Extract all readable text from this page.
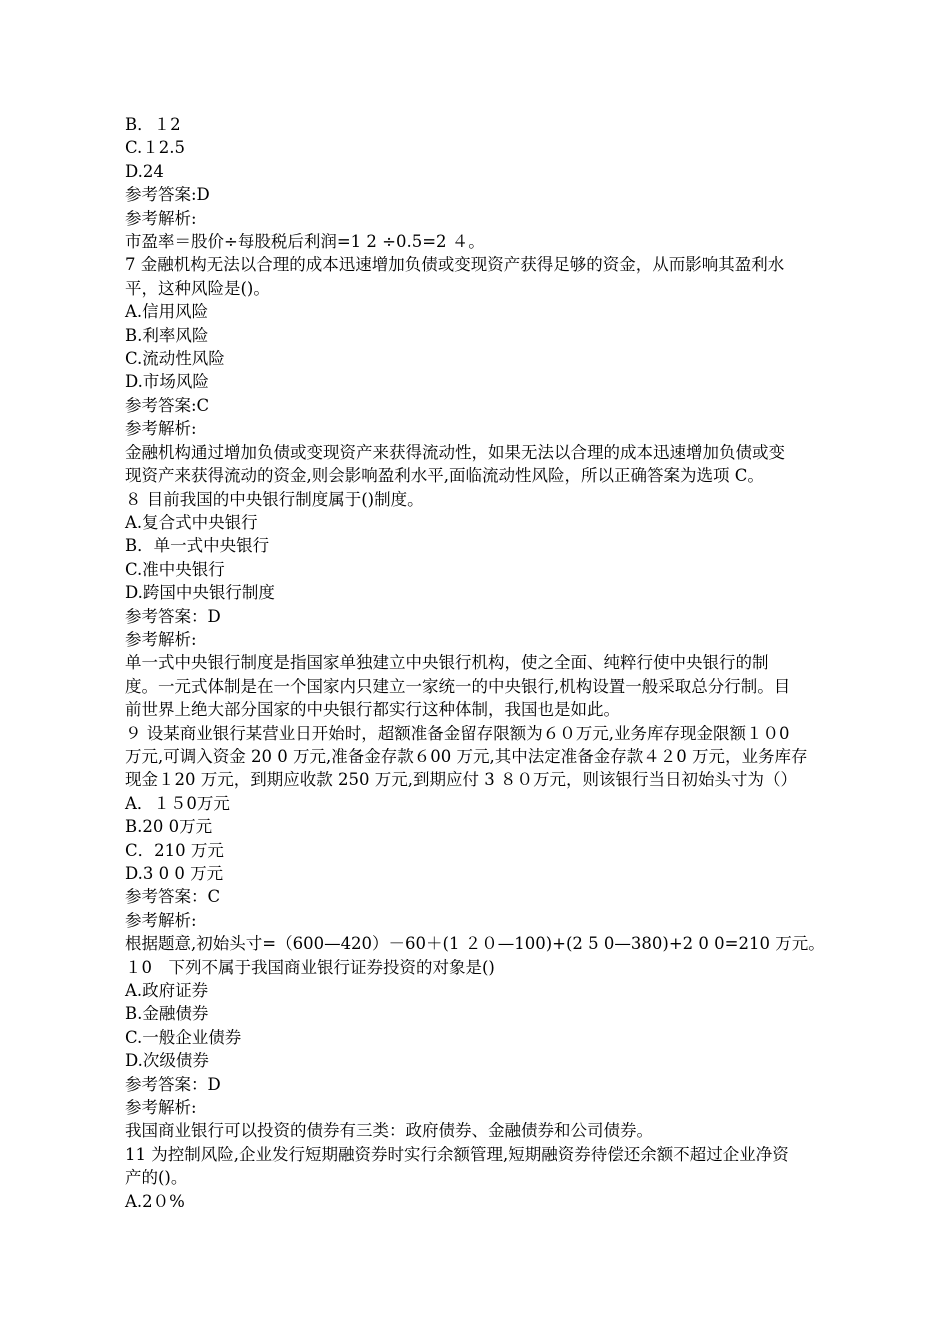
B．１2
C.１2.5
D.24
参考答案:D
参考解析:
市盈率＝股价÷每股税后利润=1 2 ÷0.5=2 ４。
7 金融机构无法以合理的成本迅速增加负债或变现资产获得足够的资金，从而影响其盈利水
平，这种风险是()。
A.信用风险
B.利率风险
C.流动性风险
D.市场风险
参考答案:C
参考解析:
金融机构通过增加负债或变现资产来获得流动性，如果无法以合理的成本迅速增加负债或变
现资产来获得流动的资金,则会影响盈利水平,面临流动性风险，所以正确答案为选项 C。
８ 目前我国的中央银行制度属于()制度。
A.复合式中央银行
B．单一式中央银行
C.准中央银行
D.跨国中央银行制度
参考答案：D
参考解析:
单一式中央银行制度是指国家单独建立中央银行机构，使之全面、纯粹行使中央银行的制
度。一元式体制是在一个国家内只建立一家统一的中央银行,机构设置一般采取总分行制。目
前世界上绝大部分国家的中央银行都实行这种体制，我国也是如此。
９ 设某商业银行某营业日开始时，超额准备金留存限额为６０万元,业务库存现金限额１０0
万元,可调入资金 20 0 万元,准备金存款６00 万元,其中法定准备金存款４２0 万元，业务库存
现金１20 万元，到期应收款 250 万元,到期应付 3 ８０万元，则该银行当日初始头寸为（）
A．１５0万元
B.20 0万元
C．210 万元
D.3 0 0 万元
参考答案：C
参考解析:
根据题意,初始头寸=（600—420）－60＋(1 ２０—100)+(2 5 0—380)+2 0 0=210 万元。
１0　下列不属于我国商业银行证券投资的对象是()
A.政府证券
B.金融债券
C.一般企业债券
D.次级债券
参考答案：D
参考解析:
我国商业银行可以投资的债券有三类：政府债券、金融债券和公司债券。
11 为控制风险,企业发行短期融资券时实行余额管理,短期融资券待偿还余额不超过企业净资
产的()。
A.2０%
